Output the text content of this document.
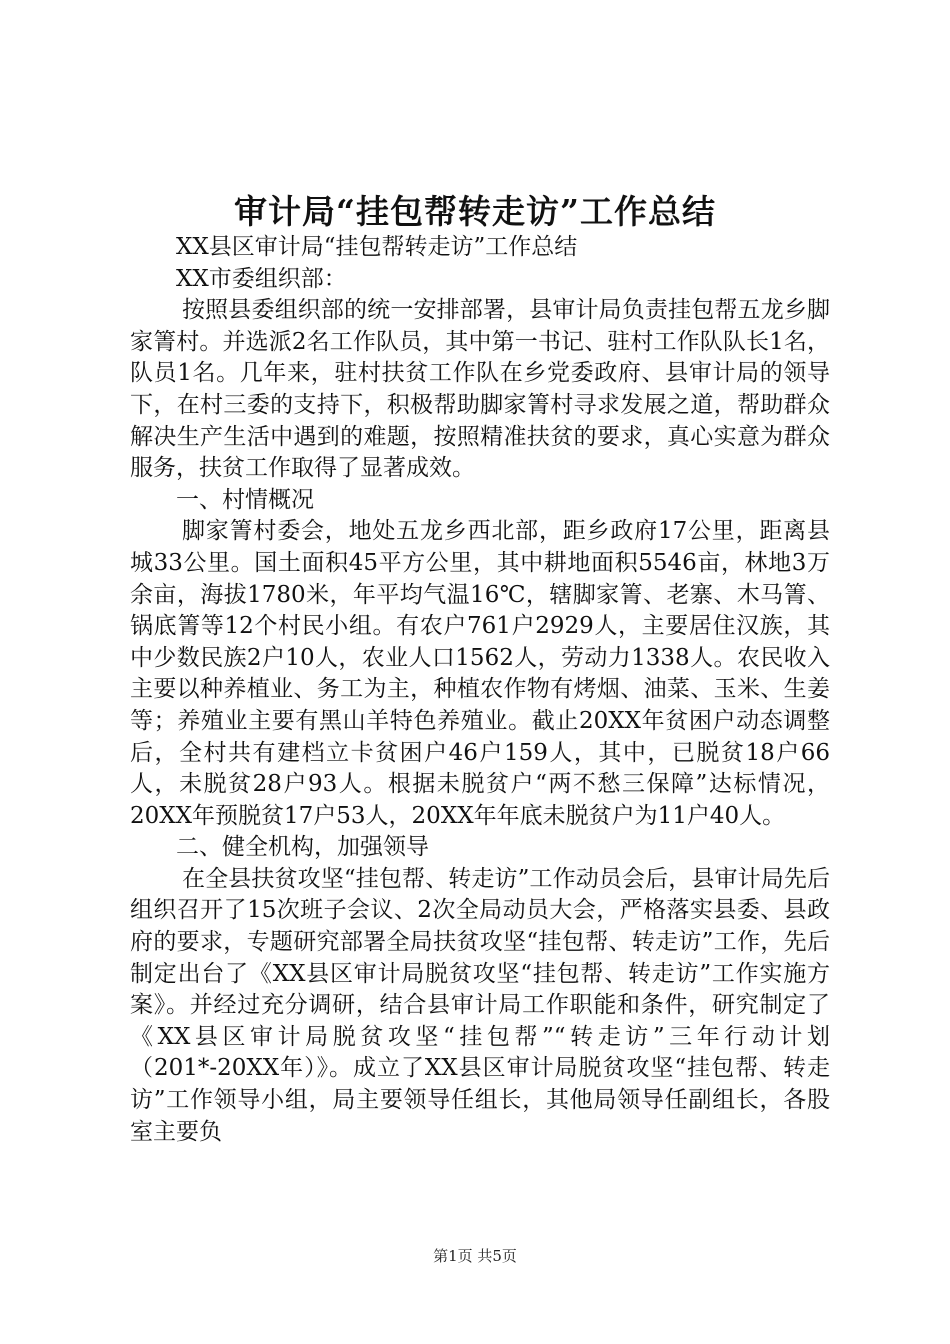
审计局“挂包帮转走访”工作总结

XX县区审计局“挂包帮转走访”工作总结

XX市委组织部：

按照县委组织部的统一安排部署，县审计局负责挂包帮五龙乡脚家箐村。并选派2名工作队员，其中第一书记、驻村工作队队长1名，队员1名。几年来，驻村扶贫工作队在乡党委政府、县审计局的领导下，在村三委的支持下，积极帮助脚家箐村寻求发展之道，帮助群众解决生产生活中遇到的难题，按照精准扶贫的要求，真心实意为群众服务，扶贫工作取得了显著成效。

一、村情概况

脚家箐村委会，地处五龙乡西北部，距乡政府17公里，距离县城33公里。国土面积45平方公里，其中耕地面积5546亩，林地3万余亩，海拔1780米，年平均气温16℃，辖脚家箐、老寨、木马箐、锅底箐等12个村民小组。有农户761户2929人，主要居住汉族，其中少数民族2户10人，农业人口1562人，劳动力1338人。农民收入主要以种养植业、务工为主，种植农作物有烤烟、油菜、玉米、生姜等；养殖业主要有黑山羊特色养殖业。截止20XX年贫困户动态调整后，全村共有建档立卡贫困户46户159人，其中，已脱贫18户66人，未脱贫28户93人。根据未脱贫户“两不愁三保障”达标情况，20XX年预脱贫17户53人，20XX年年底未脱贫户为11户40人。

二、健全机构，加强领导

在全县扶贫攻坚“挂包帮、转走访”工作动员会后，县审计局先后组织召开了15次班子会议、2次全局动员大会，严格落实县委、县政府的要求，专题研究部署全局扶贫攻坚“挂包帮、转走访”工作，先后制定出台了《XX县区审计局脱贫攻坚“挂包帮、转走访”工作实施方案》。并经过充分调研，结合县审计局工作职能和条件，研究制定了《XX县区审计局脱贫攻坚“挂包帮”“转走访”三年行动计划（201*-20XX年）》。成立了XX县区审计局脱贫攻坚“挂包帮、转走访”工作领导小组，局主要领导任组长，其他局领导任副组长，各股室主要负

第1页 共5页
